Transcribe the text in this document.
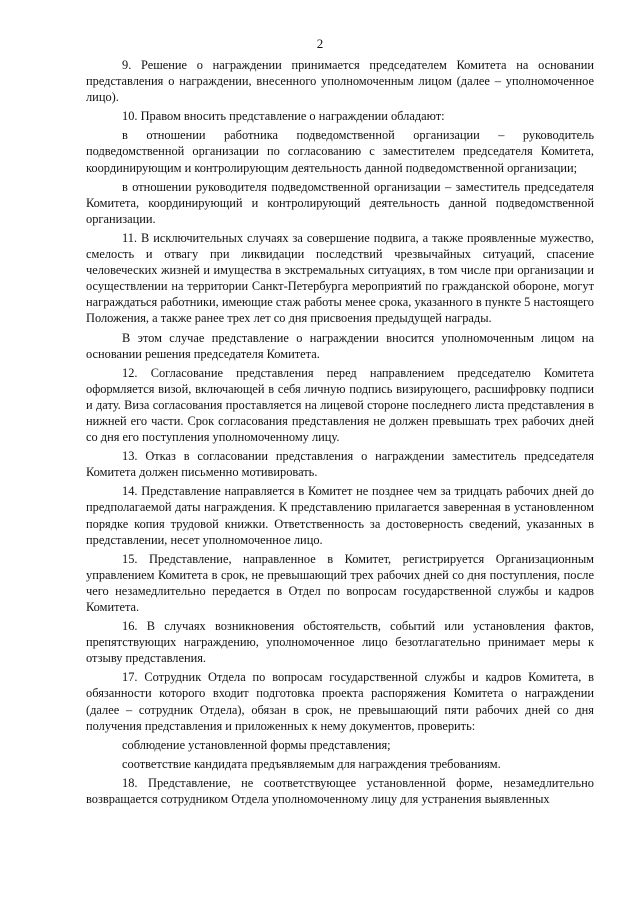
2

9. Решение о награждении принимается председателем Комитета на основании представления о награждении, внесенного уполномоченным лицом (далее – уполномоченное лицо).

10. Правом вносить представление о награждении обладают:

в отношении работника подведомственной организации – руководитель подведомственной организации по согласованию с заместителем председателя Комитета, координирующим и контролирующим деятельность данной подведомственной организации;

в отношении руководителя подведомственной организации – заместитель председателя Комитета, координирующий и контролирующий деятельность данной подведомственной организации.

11. В исключительных случаях за совершение подвига, а также проявленные мужество, смелость и отвагу при ликвидации последствий чрезвычайных ситуаций, спасение человеческих жизней и имущества в экстремальных ситуациях, в том числе при организации и осуществлении на территории Санкт-Петербурга мероприятий по гражданской обороне, могут награждаться работники, имеющие стаж работы менее срока, указанного в пункте 5 настоящего Положения, а также ранее трех лет со дня присвоения предыдущей награды.

В этом случае представление о награждении вносится уполномоченным лицом на основании решения председателя Комитета.

12. Согласование представления перед направлением председателю Комитета оформляется визой, включающей в себя личную подпись визирующего, расшифровку подписи и дату. Виза согласования проставляется на лицевой стороне последнего листа представления в нижней его части. Срок согласования представления не должен превышать трех рабочих дней со дня его поступления уполномоченному лицу.

13. Отказ в согласовании представления о награждении заместитель председателя Комитета должен письменно мотивировать.

14. Представление направляется в Комитет не позднее чем за тридцать рабочих дней до предполагаемой даты награждения. К представлению прилагается заверенная в установленном порядке копия трудовой книжки. Ответственность за достоверность сведений, указанных в представлении, несет уполномоченное лицо.

15. Представление, направленное в Комитет, регистрируется Организационным управлением Комитета в срок, не превышающий трех рабочих дней со дня поступления, после чего незамедлительно передается в Отдел по вопросам государственной службы и кадров Комитета.

16. В случаях возникновения обстоятельств, событий или установления фактов, препятствующих награждению, уполномоченное лицо безотлагательно принимает меры к отзыву представления.

17. Сотрудник Отдела по вопросам государственной службы и кадров Комитета, в обязанности которого входит подготовка проекта распоряжения Комитета о награждении (далее – сотрудник Отдела), обязан в срок, не превышающий пяти рабочих дней со дня получения представления и приложенных к нему документов, проверить:

соблюдение установленной формы представления;

соответствие кандидата предъявляемым для награждения требованиям.

18. Представление, не соответствующее установленной форме, незамедлительно возвращается сотрудником Отдела уполномоченному лицу для устранения выявленных
